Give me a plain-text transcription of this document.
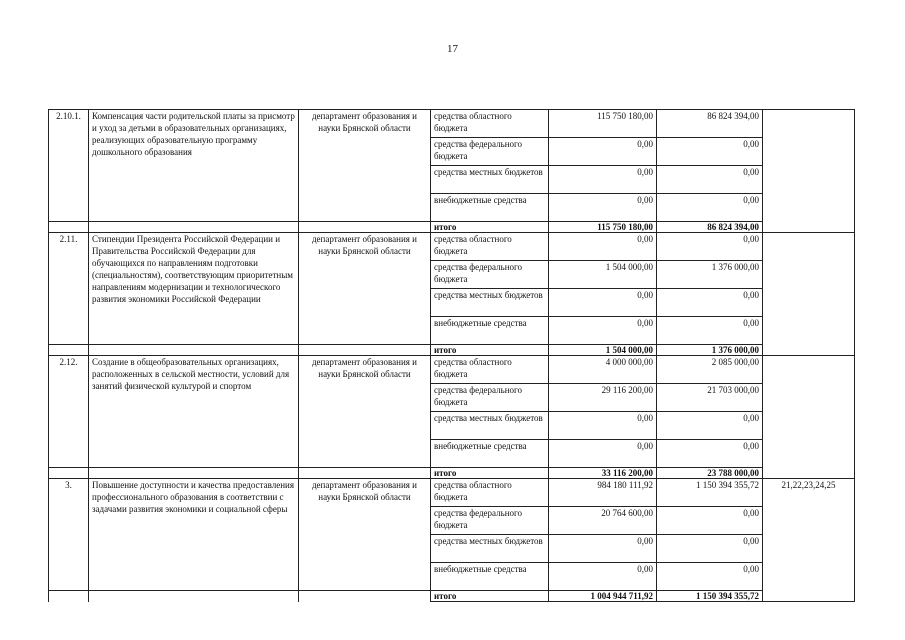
17
2.10.1.	Компенсация части родительской платы за присмотр и уход за детьми в образовательных организациях, реализующих образовательную программу дошкольного образования	департамент образования и науки Брянской области	средства областного бюджета	115 750 180,00	86 824 394,00	
			средства федерального бюджета	0,00	0,00	
			средства местных бюджетов	0,00	0,00	
			внебюджетные средства	0,00	0,00	
			итого	115 750 180,00	86 824 394,00	
2.11.	Стипендии Президента Российской Федерации и Правительства Российской Федерации для обучающихся по направлениям подготовки (специальностям), соответствующим приоритетным направлениям модернизации и технологического развития экономики Российской Федерации	департамент образования и науки Брянской области	средства областного бюджета	0,00	0,00	
			средства федерального бюджета	1 504 000,00	1 376 000,00	
			средства местных бюджетов	0,00	0,00	
			внебюджетные средства	0,00	0,00	
			итого	1 504 000,00	1 376 000,00	
2.12.	Создание в общеобразовательных организациях, расположенных в сельской местности, условий для занятий физической культурой и спортом	департамент образования и науки Брянской области	средства областного бюджета	4 000 000,00	2 085 000,00	
			средства федерального бюджета	29 116 200,00	21 703 000,00	
			средства местных бюджетов	0,00	0,00	
			внебюджетные средства	0,00	0,00	
			итого	33 116 200,00	23 788 000,00	
3.	Повышение доступности и качества предоставления профессионального образования в соответствии с задачами развития экономики и социальной сферы	департамент образования и науки Брянской области	средства областного бюджета	984 180 111,92	1 150 394 355,72	21,22,23,24,25
			средства федерального бюджета	20 764 600,00	0,00	
			средства местных бюджетов	0,00	0,00	
			внебюджетные средства	0,00	0,00	
			итого	1 004 944 711,92	1 150 394 355,72	
